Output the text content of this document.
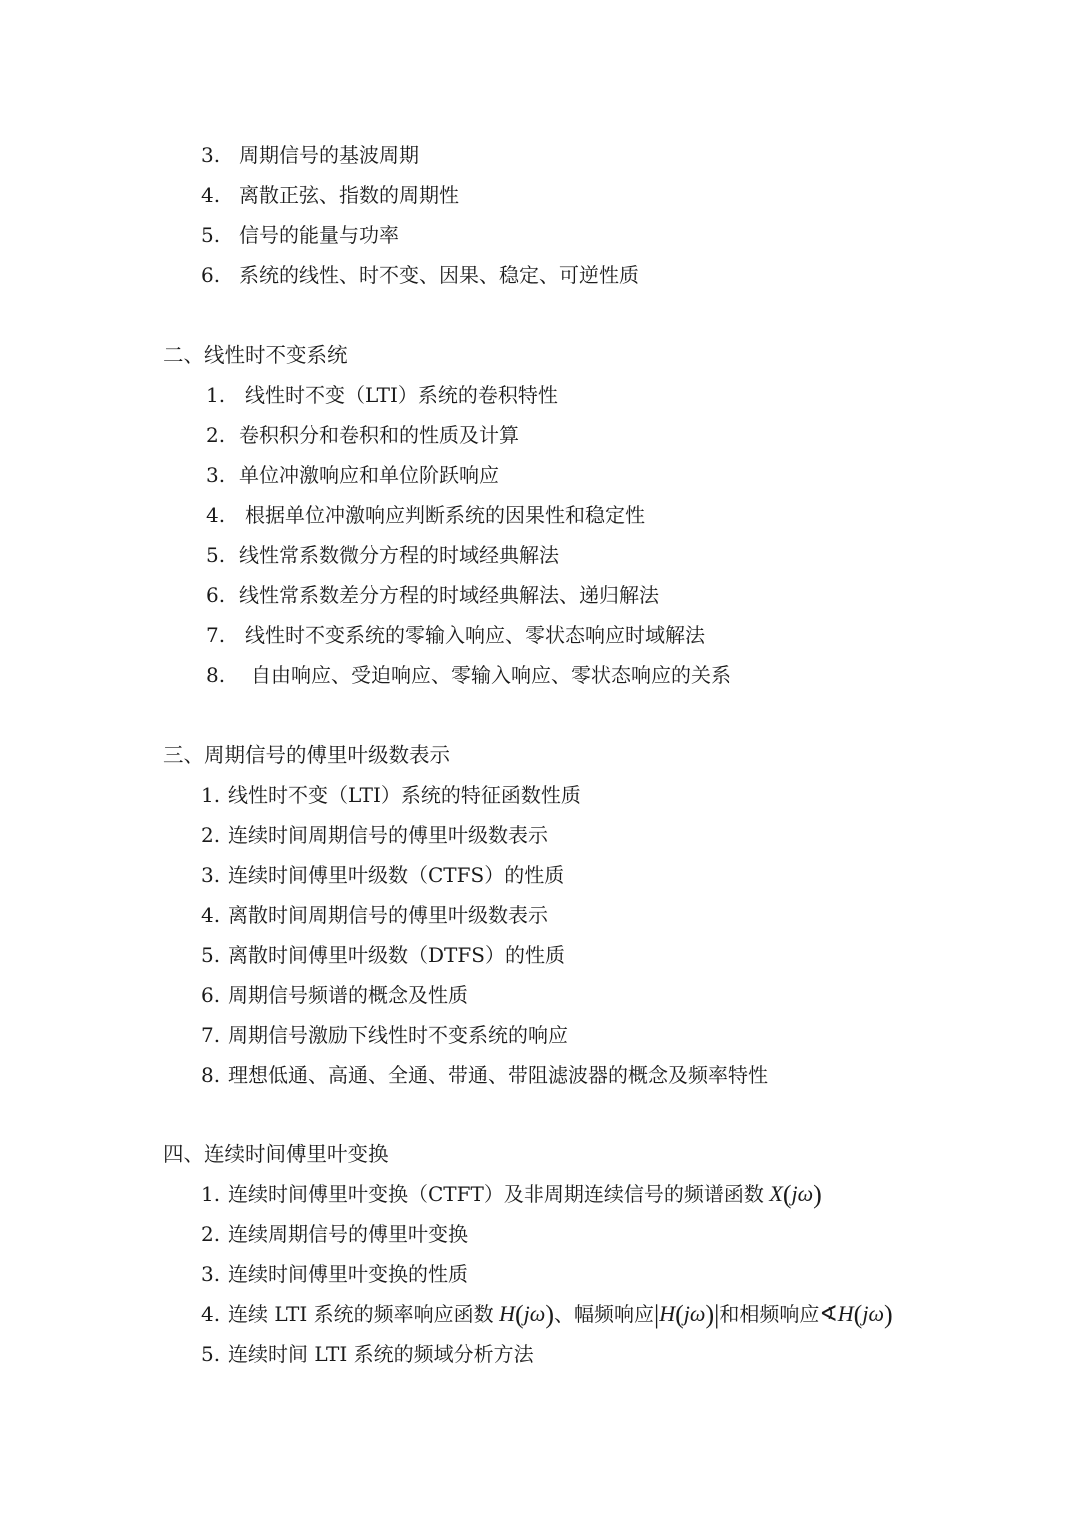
3. 周期信号的基波周期
4. 离散正弦、指数的周期性
5. 信号的能量与功率
6. 系统的线性、时不变、因果、稳定、可逆性质
二、线性时不变系统
1. 线性时不变（LTI）系统的卷积特性
2. 卷积积分和卷积和的性质及计算
3. 单位冲激响应和单位阶跃响应
4. 根据单位冲激响应判断系统的因果性和稳定性
5. 线性常系数微分方程的时域经典解法
6. 线性常系数差分方程的时域经典解法、递归解法
7. 线性时不变系统的零输入响应、零状态响应时域解法
8. 自由响应、受迫响应、零输入响应、零状态响应的关系
三、周期信号的傅里叶级数表示
1. 线性时不变（LTI）系统的特征函数性质
2. 连续时间周期信号的傅里叶级数表示
3. 连续时间傅里叶级数（CTFS）的性质
4. 离散时间周期信号的傅里叶级数表示
5. 离散时间傅里叶级数（DTFS）的性质
6. 周期信号频谱的概念及性质
7. 周期信号激励下线性时不变系统的响应
8. 理想低通、高通、全通、带通、带阻滤波器的概念及频率特性
四、连续时间傅里叶变换
1. 连续时间傅里叶变换（CTFT）及非周期连续信号的频谱函数 X(jω)
2. 连续周期信号的傅里叶变换
3. 连续时间傅里叶变换的性质
4. 连续 LTI 系统的频率响应函数 H(jω)、幅频响应|H(jω)|和相频响应∢H(jω)
5. 连续时间 LTI 系统的频域分析方法
